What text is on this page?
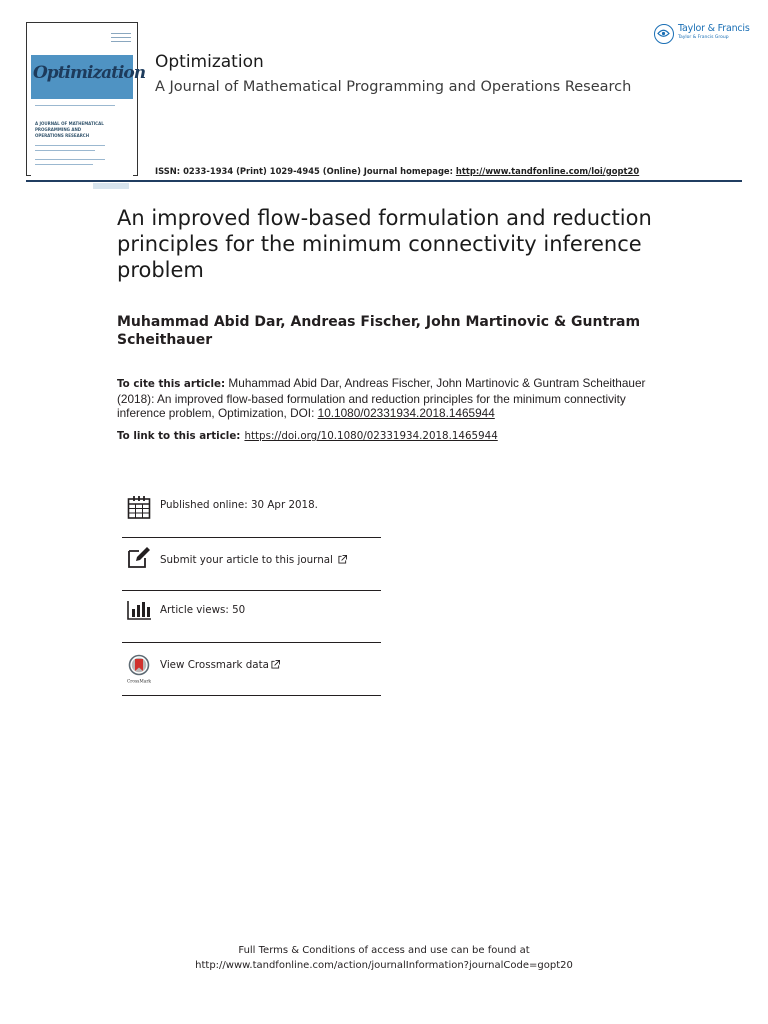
Optimization
A JOURNAL OF MATHEMATICAL
PROGRAMMING AND
OPERATIONS RESEARCH
Optimization
A Journal of Mathematical Programming and Operations Research
ISSN: 0233-1934 (Print) 1029-4945 (Online) Journal homepage: http://www.tandfonline.com/loi/gopt20
Taylor & Francis
Taylor & Francis Group
An improved flow-based formulation and reduction principles for the minimum connectivity inference problem
Muhammad Abid Dar, Andreas Fischer, John Martinovic & Guntram Scheithauer
To cite this article: Muhammad Abid Dar, Andreas Fischer, John Martinovic & Guntram Scheithauer (2018): An improved flow-based formulation and reduction principles for the minimum connectivity inference problem, Optimization, DOI: 10.1080/02331934.2018.1465944
To link to this article: https://doi.org/10.1080/02331934.2018.1465944
Published online: 30 Apr 2018.
Submit your article to this journal
Article views: 50
CrossMark
View Crossmark data
Full Terms & Conditions of access and use can be found at
http://www.tandfonline.com/action/journalInformation?journalCode=gopt20
